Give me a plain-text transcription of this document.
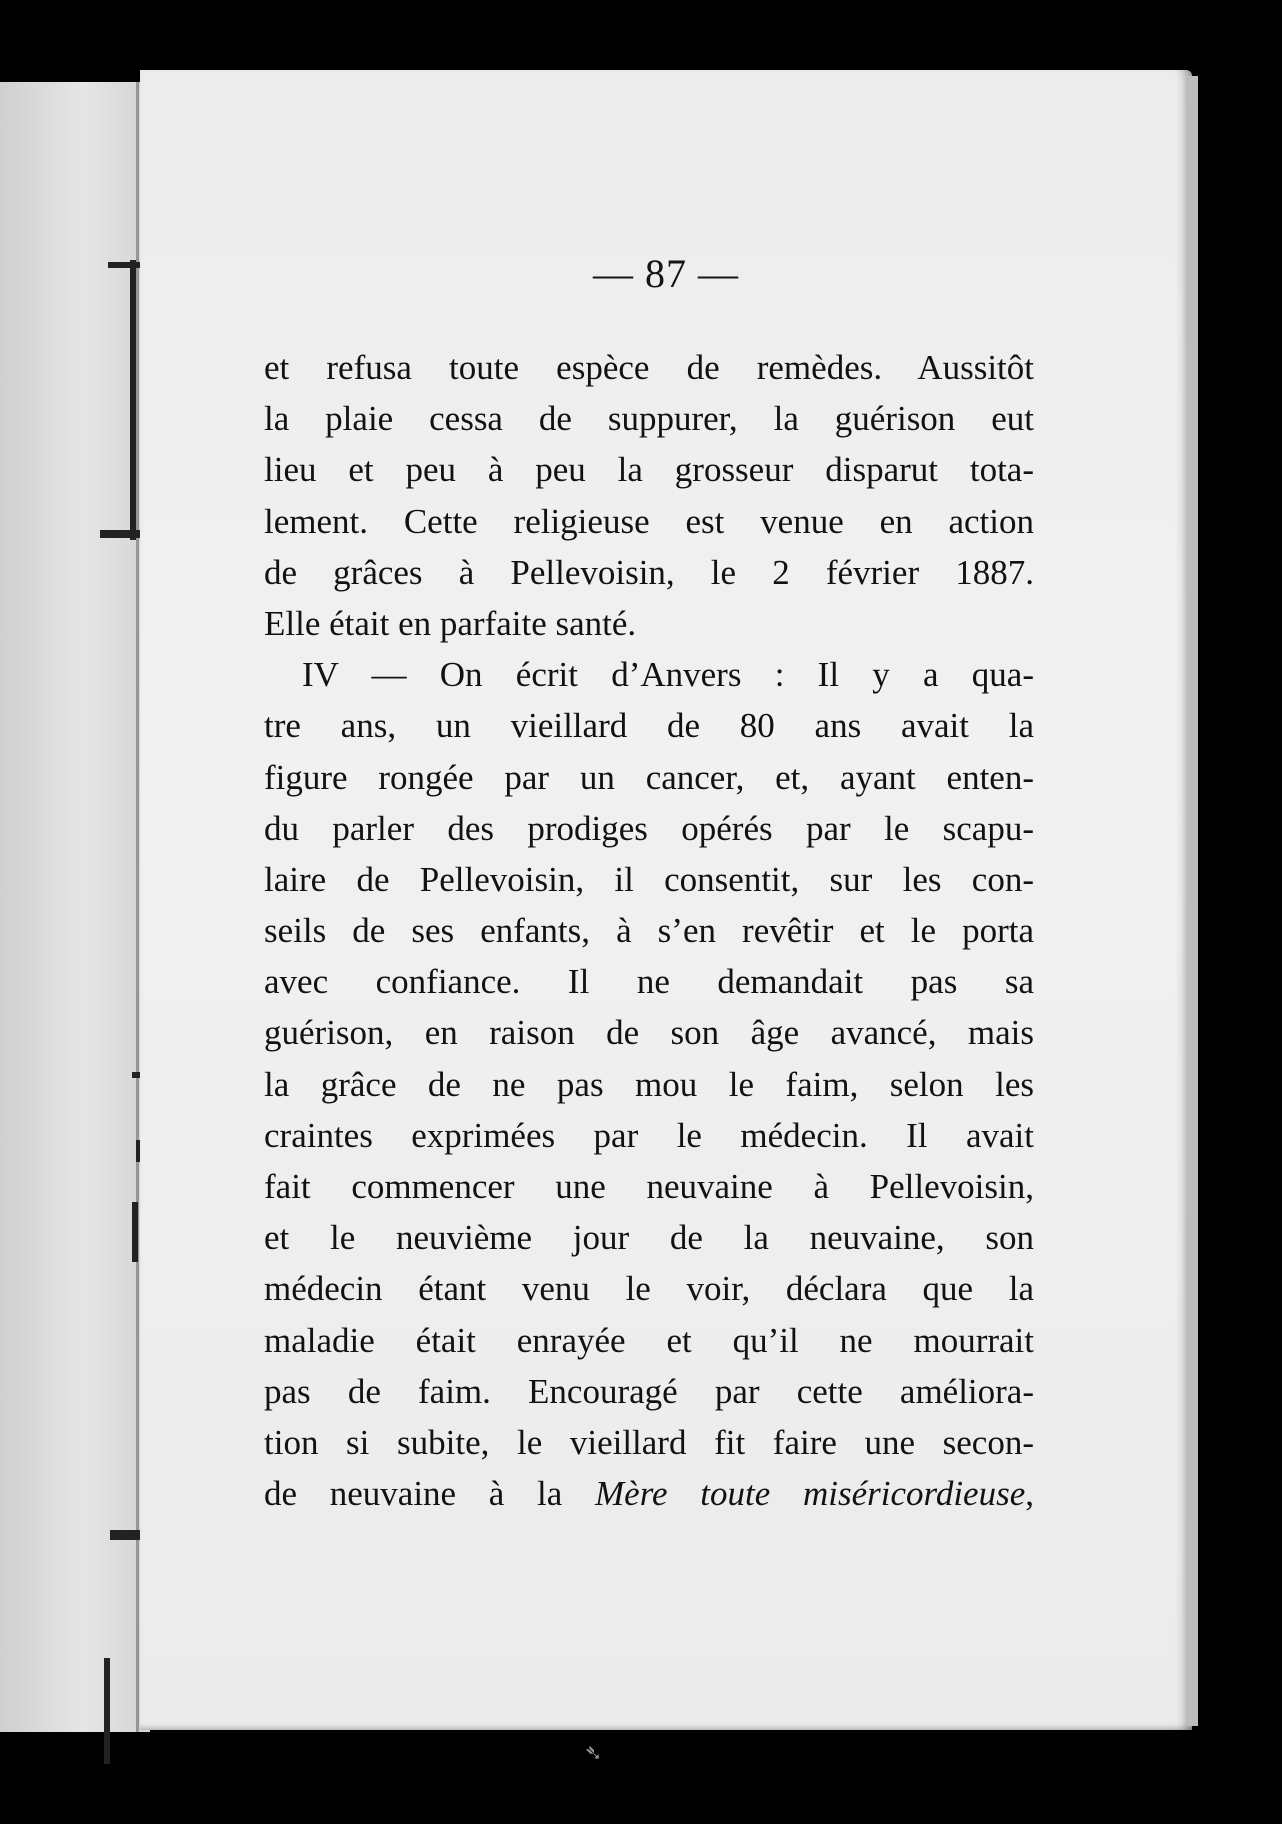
— 87 —
et refusa toute espèce de remèdes. Aussitôt
la plaie cessa de suppurer, la guérison eut
lieu et peu à peu la grosseur disparut tota-
lement. Cette religieuse est venue en action
de grâces à Pellevoisin, le 2 février 1887.
Elle était en parfaite santé.
IV — On écrit d’Anvers : Il y a qua-
tre ans, un vieillard de 80 ans avait la
figure rongée par un cancer, et, ayant enten-
du parler des prodiges opérés par le scapu-
laire de Pellevoisin, il consentit, sur les con-
seils de ses enfants, à s’en revêtir et le porta
avec confiance. Il ne demandait pas sa
guérison, en raison de son âge avancé, mais
la grâce de ne pas mou le faim, selon les
craintes exprimées par le médecin. Il avait
fait commencer une neuvaine à Pellevoisin,
et le neuvième jour de la neuvaine, son
médecin étant venu le voir, déclara que la
maladie était enrayée et qu’il ne mourrait
pas de faim. Encouragé par cette améliora-
tion si subite, le vieillard fit faire une secon-
de neuvaine à la Mère toute miséricordieuse,
➴
